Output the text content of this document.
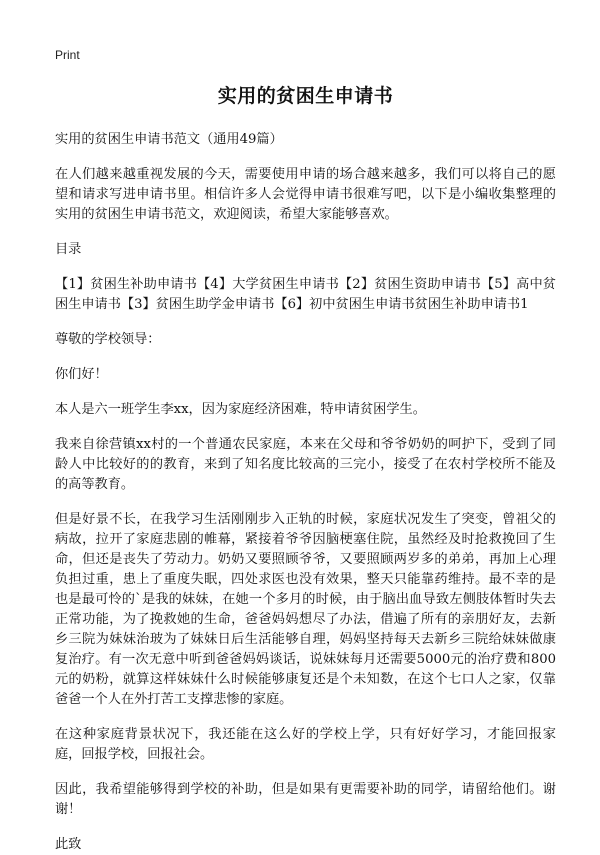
Print
实用的贫困生申请书

实用的贫困生申请书范文（通用49篇）

在人们越来越重视发展的今天，需要使用申请的场合越来越多，我们可以将自己的愿望和请求写进申请书里。相信许多人会觉得申请书很难写吧，以下是小编收集整理的实用的贫困生申请书范文，欢迎阅读，希望大家能够喜欢。

目录

【1】贫困生补助申请书【4】大学贫困生申请书【2】贫困生资助申请书【5】高中贫困生申请书【3】贫困生助学金申请书【6】初中贫困生申请书贫困生补助申请书1

尊敬的学校领导：

你们好！

本人是六一班学生李xx，因为家庭经济困难，特申请贫困学生。

我来自徐营镇xx村的一个普通农民家庭，本来在父母和爷爷奶奶的呵护下，受到了同龄人中比较好的的教育，来到了知名度比较高的三完小，接受了在农村学校所不能及的高等教育。

但是好景不长，在我学习生活刚刚步入正轨的时候，家庭状况发生了突变，曾祖父的病故，拉开了家庭悲剧的帷幕，紧接着爷爷因脑梗塞住院，虽然经及时抢救挽回了生命，但还是丧失了劳动力。奶奶又要照顾爷爷，又要照顾两岁多的弟弟，再加上心理负担过重，患上了重度失眠，四处求医也没有效果，整天只能靠药维持。最不幸的是也是最可怜的`是我的妹妹，在她一个多月的时候，由于脑出血导致左侧肢体暂时失去正常功能，为了挽救她的生命，爸爸妈妈想尽了办法，借遍了所有的亲朋好友，去新乡三院为妹妹治玻为了妹妹日后生活能够自理，妈妈坚持每天去新乡三院给妹妹做康复治疗。有一次无意中听到爸爸妈妈谈话，说妹妹每月还需要5000元的治疗费和800元的奶粉，就算这样妹妹什么时候能够康复还是个未知数，在这个七口人之家，仅靠爸爸一个人在外打苦工支撑悲惨的家庭。

在这种家庭背景状况下，我还能在这么好的学校上学，只有好好学习，才能回报家庭，回报学校，回报社会。

因此，我希望能够得到学校的补助，但是如果有更需要补助的同学，请留给他们。谢谢！

此致
